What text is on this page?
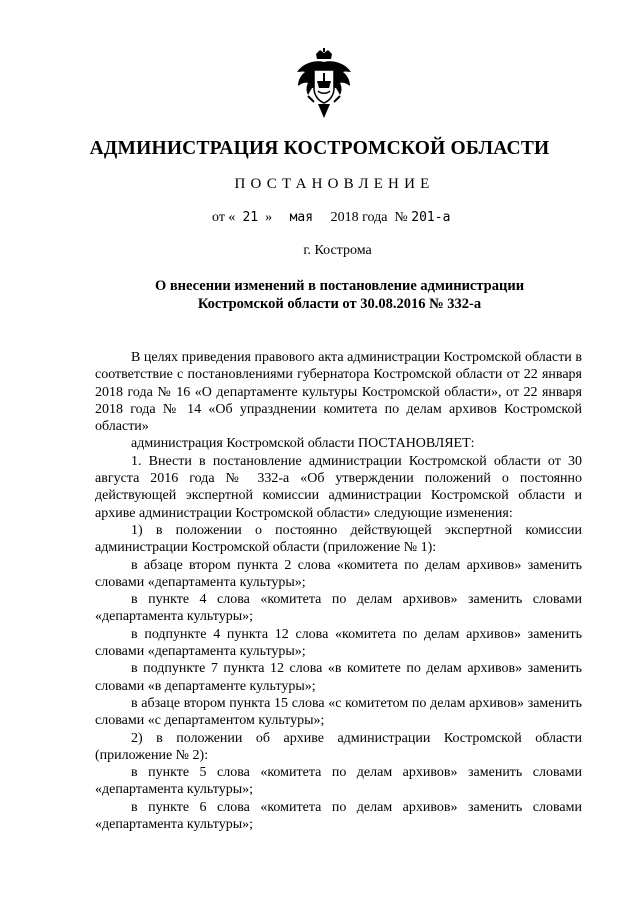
АДМИНИСТРАЦИЯ КОСТРОМСКОЙ ОБЛАСТИ
ПОСТАНОВЛЕНИЕ
от « 21 » мая 2018 года № 201-а
г. Кострома
О внесении изменений в постановление администрации
Костромской области от 30.08.2016 № 332-а

В целях приведения правового акта администрации Костромской области в соответствие с постановлениями губернатора Костромской области от 22 января 2018 года № 16 «О департаменте культуры Костромской области», от 22 января 2018 года № 14 «Об упразднении комитета по делам архивов Костромской области»

администрация Костромской области ПОСТАНОВЛЯЕТ:

1. Внести в постановление администрации Костромской области от 30 августа 2016 года № 332-а «Об утверждении положений о постоянно действующей экспертной комиссии администрации Костромской области и архиве администрации Костромской области» следующие изменения:

1) в положении о постоянно действующей экспертной комиссии администрации Костромской области (приложение № 1):

в абзаце втором пункта 2 слова «комитета по делам архивов» заменить словами «департамента культуры»;

в пункте 4 слова «комитета по делам архивов» заменить словами «департамента культуры»;

в подпункте 4 пункта 12 слова «комитета по делам архивов» заменить словами «департамента культуры»;

в подпункте 7 пункта 12 слова «в комитете по делам архивов» заменить словами «в департаменте культуры»;

в абзаце втором пункта 15 слова «с комитетом по делам архивов» заменить словами «с департаментом культуры»;

2) в положении об архиве администрации Костромской области (приложение № 2):

в пункте 5 слова «комитета по делам архивов» заменить словами «департамента культуры»;

в пункте 6 слова «комитета по делам архивов» заменить словами «департамента культуры»;
